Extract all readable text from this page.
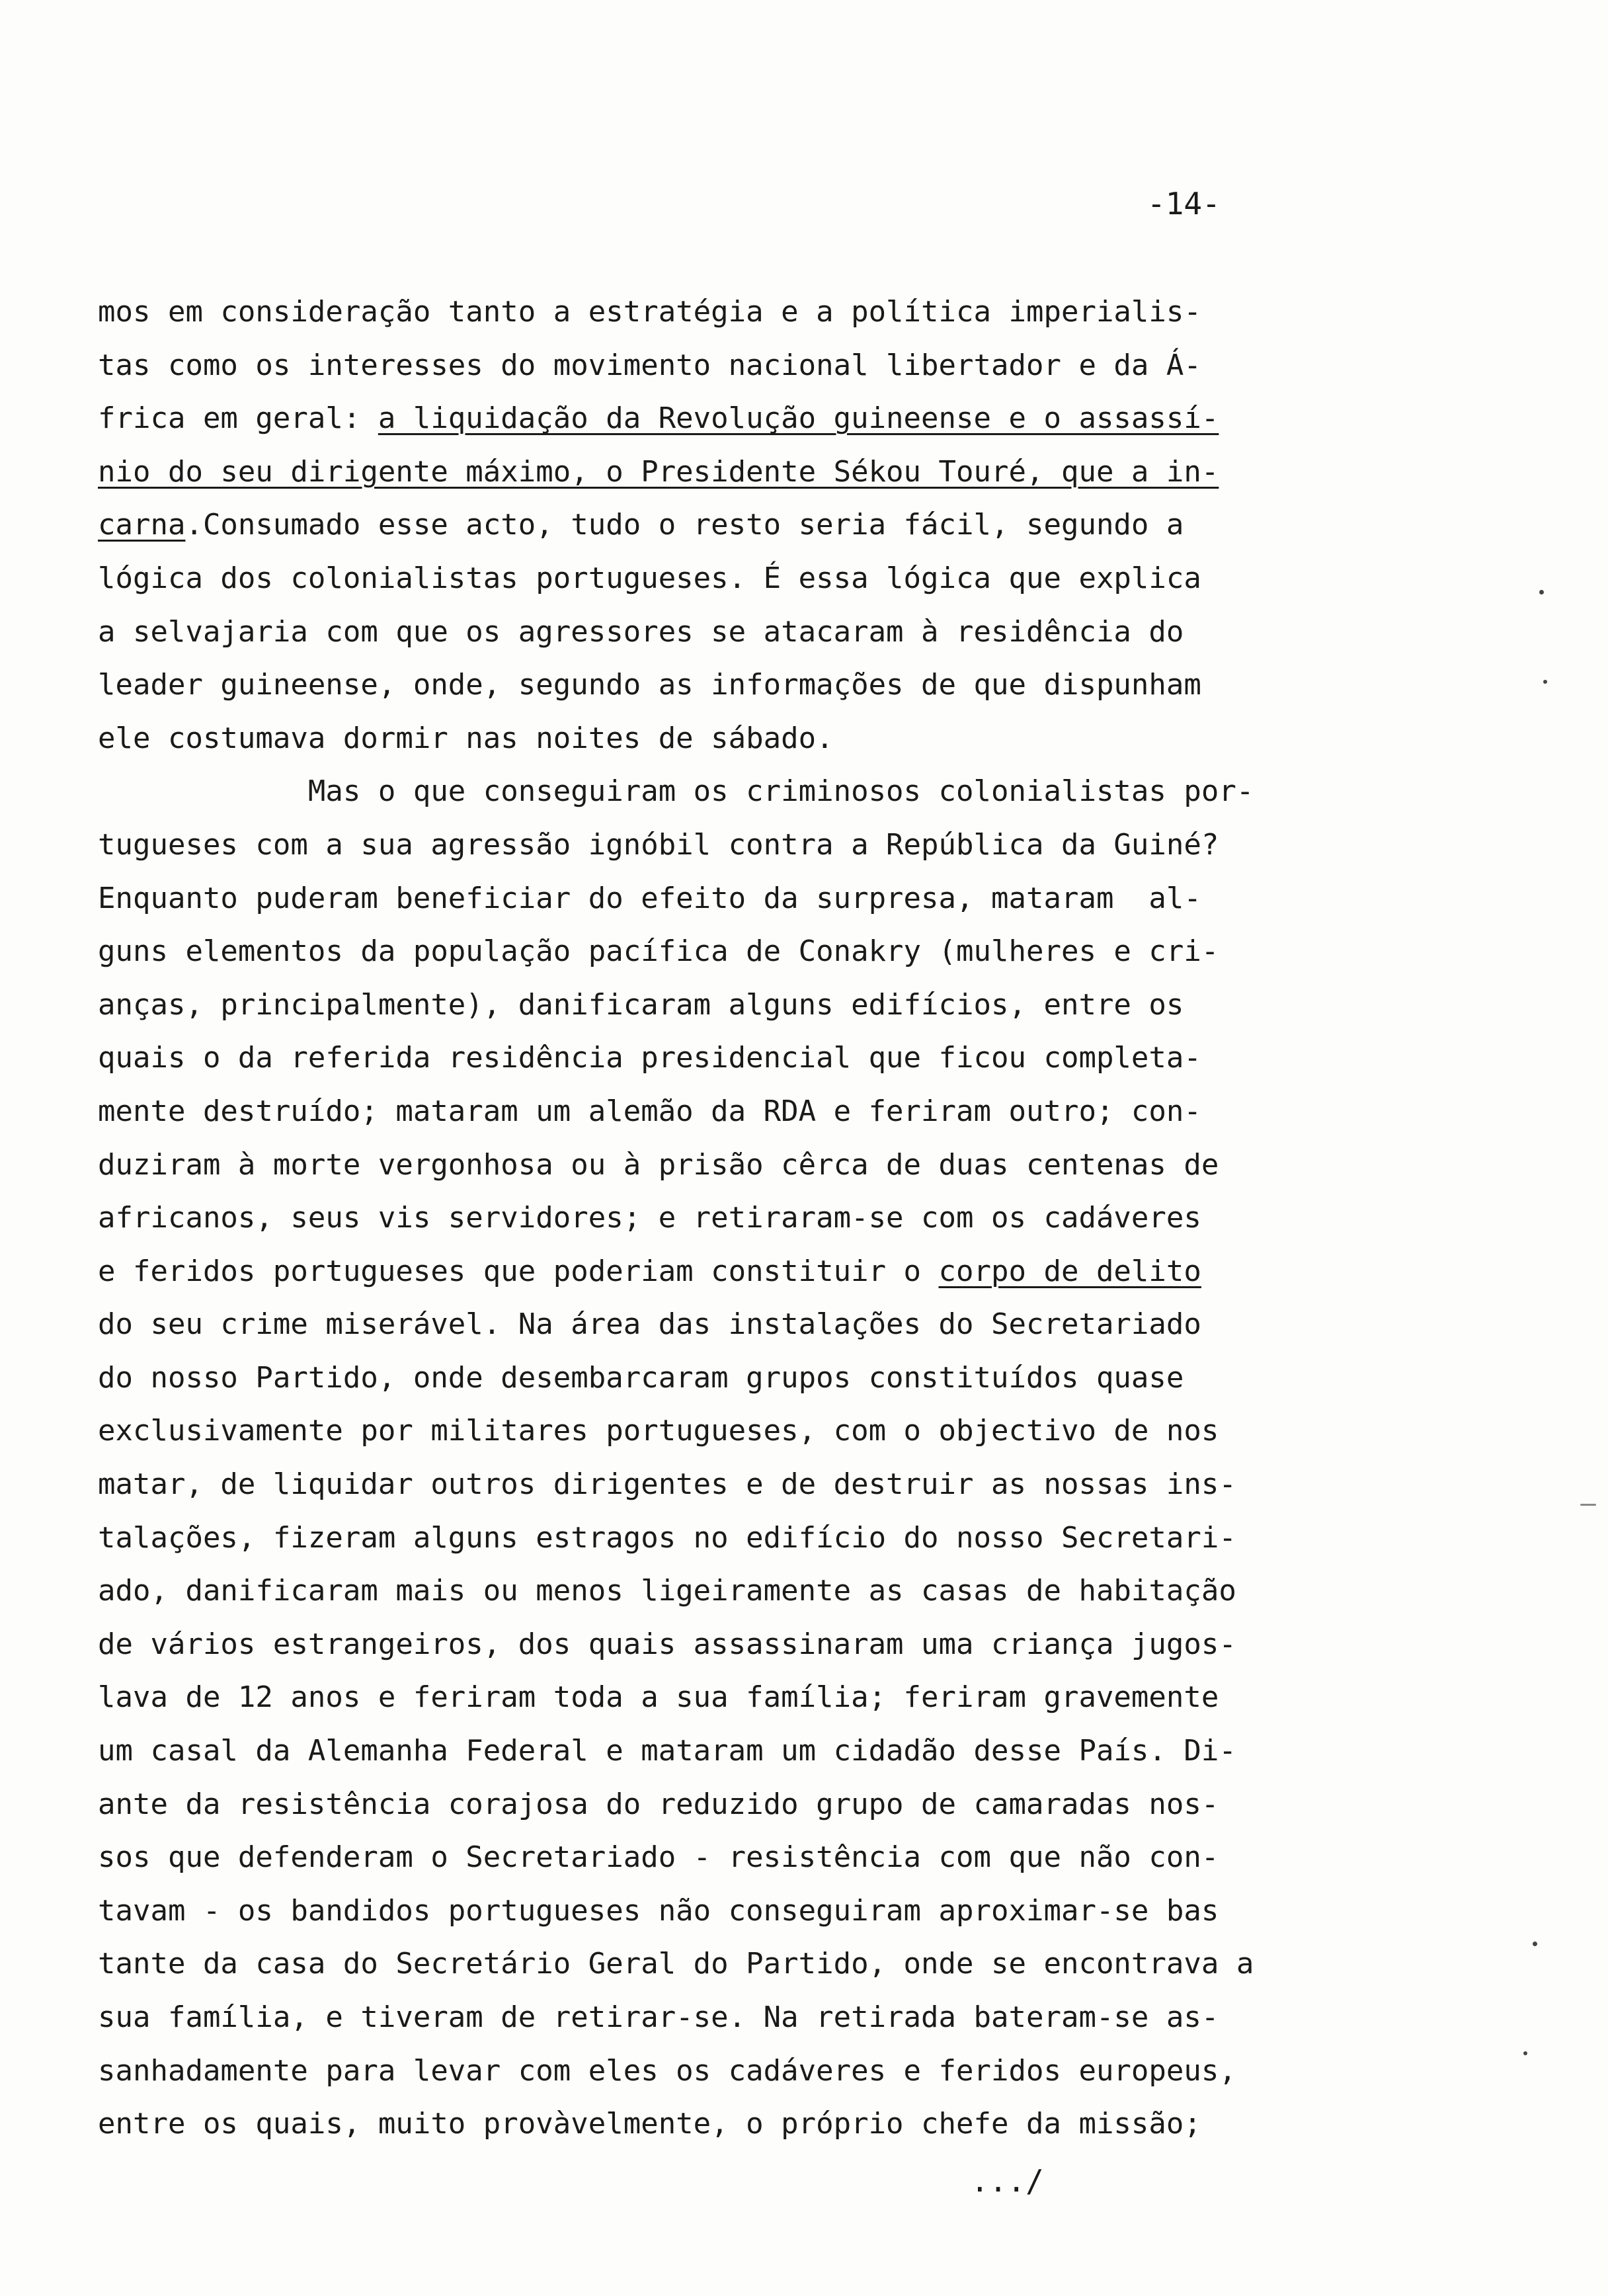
-14-
mos em consideração tanto a estratégia e a política imperialis-
tas como os interesses do movimento nacional libertador e da Á-
frica em geral: a liquidação da Revolução guineense e o assassí-
nio do seu dirigente máximo, o Presidente Sékou Touré, que a in-
carna.Consumado esse acto, tudo o resto seria fácil, segundo a
lógica dos colonialistas portugueses. É essa lógica que explica
a selvajaria com que os agressores se atacaram à residência do
leader guineense, onde, segundo as informações de que dispunham
ele costumava dormir nas noites de sábado.
Mas o que conseguiram os criminosos colonialistas por-
tugueses com a sua agressão ignóbil contra a República da Guiné?
Enquanto puderam beneficiar do efeito da surpresa, mataram  al-
guns elementos da população pacífica de Conakry (mulheres e cri-
anças, principalmente), danificaram alguns edifícios, entre os
quais o da referida residência presidencial que ficou completa-
mente destruído; mataram um alemão da RDA e feriram outro; con-
duziram à morte vergonhosa ou à prisão cêrca de duas centenas de
africanos, seus vis servidores; e retiraram-se com os cadáveres
e feridos portugueses que poderiam constituir o corpo de delito
do seu crime miserável. Na área das instalações do Secretariado
do nosso Partido, onde desembarcaram grupos constituídos quase
exclusivamente por militares portugueses, com o objectivo de nos
matar, de liquidar outros dirigentes e de destruir as nossas ins-
talações, fizeram alguns estragos no edifício do nosso Secretari-
ado, danificaram mais ou menos ligeiramente as casas de habitação
de vários estrangeiros, dos quais assassinaram uma criança jugos-
lava de 12 anos e feriram toda a sua família; feriram gravemente
um casal da Alemanha Federal e mataram um cidadão desse País. Di-
ante da resistência corajosa do reduzido grupo de camaradas nos-
sos que defenderam o Secretariado - resistência com que não con-
tavam - os bandidos portugueses não conseguiram aproximar-se bas
tante da casa do Secretário Geral do Partido, onde se encontrava a
sua família, e tiveram de retirar-se. Na retirada bateram-se as-
sanhadamente para levar com eles os cadáveres e feridos europeus,
entre os quais, muito provàvelmente, o próprio chefe da missão;
.../
